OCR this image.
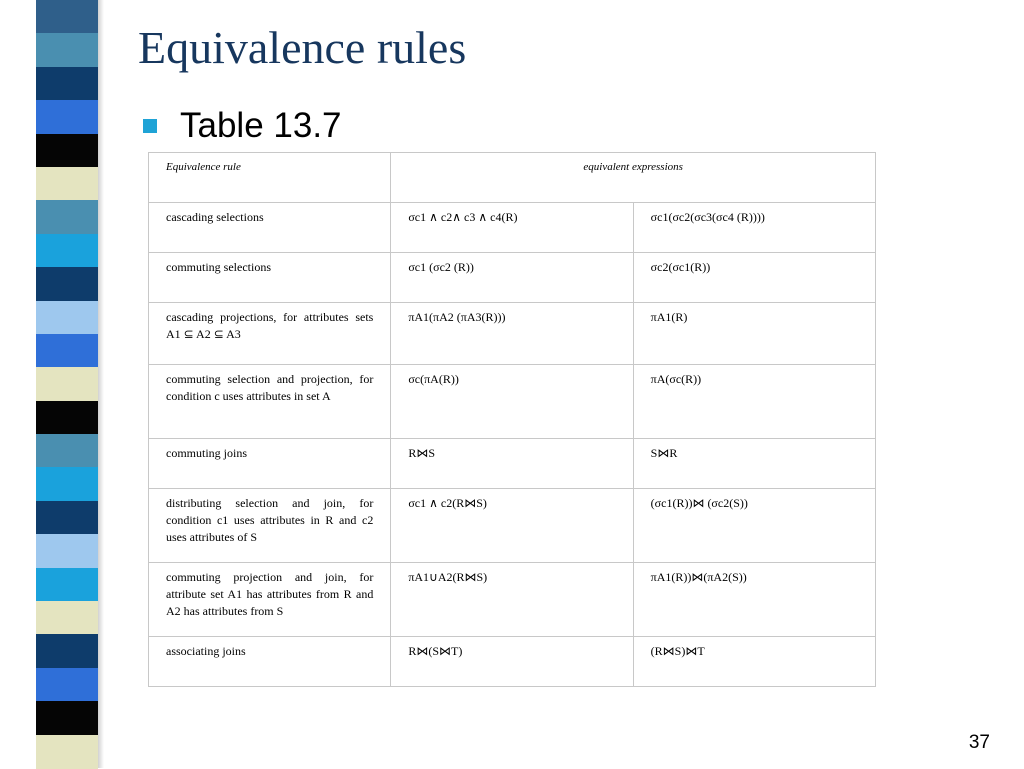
Equivalence rules
Table 13.7
Equivalence rule	equivalent expressions	
cascading selections	σc1 ∧ c2∧ c3 ∧ c4(R)	σc1(σc2(σc3(σc4 (R))))
commuting selections	σc1 (σc2 (R))	σc2(σc1(R))
cascading projections, for attributes sets A1 ⊆ A2 ⊆ A3	πA1(πA2 (πA3(R)))	πA1(R)
commuting selection and projection, for condition c uses attributes in set A	σc(πA(R))	πA(σc(R))
commuting joins	R⋈S	S⋈R
distributing selection and join, for condition c1 uses attributes in R and c2 uses attributes of S	σc1 ∧ c2(R⋈S)	(σc1(R))⋈ (σc2(S))
commuting projection and join, for attribute set A1 has attributes from R and A2 has attributes from S	πA1∪A2(R⋈S)	πA1(R))⋈(πA2(S))
associating joins	R⋈(S⋈T)	(R⋈S)⋈T
37
